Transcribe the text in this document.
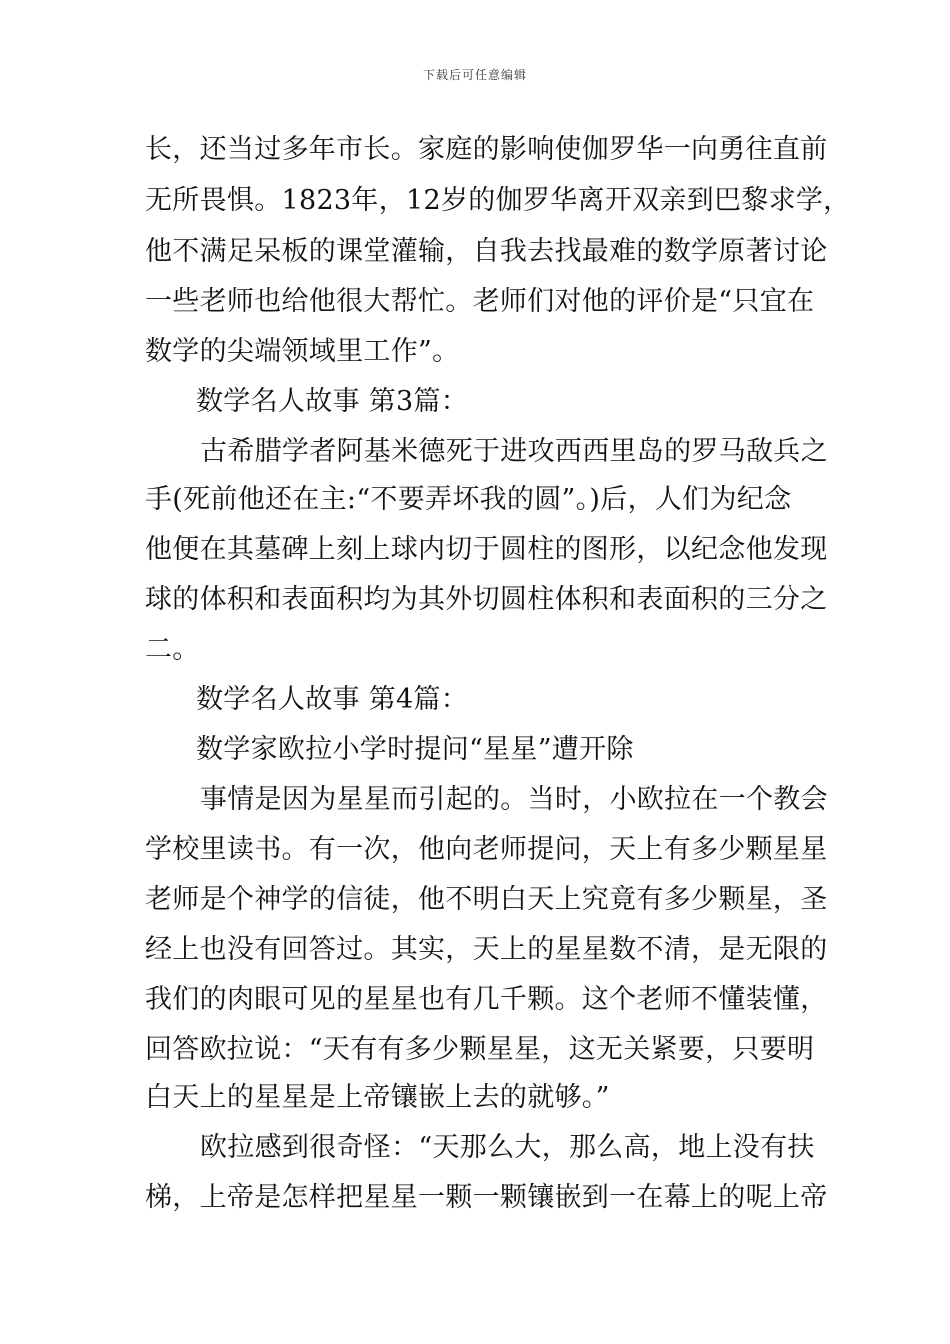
下载后可任意编辑
长，还当过多年市长。家庭的影响使伽罗华一向勇往直前
无所畏惧。1823年，12岁的伽罗华离开双亲到巴黎求学，
他不满足呆板的课堂灌输，自我去找最难的数学原著讨论
一些老师也给他很大帮忙。老师们对他的评价是“只宜在
数学的尖端领域里工作”。
数学名人故事 第3篇：
古希腊学者阿基米德死于进攻西西里岛的罗马敌兵之
手(死前他还在主:“不要弄坏我的圆”。)后，人们为纪念
他便在其墓碑上刻上球内切于圆柱的图形，以纪念他发现
球的体积和表面积均为其外切圆柱体积和表面积的三分之
二。
数学名人故事 第4篇：
数学家欧拉小学时提问“星星”遭开除
事情是因为星星而引起的。当时，小欧拉在一个教会
学校里读书。有一次，他向老师提问，天上有多少颗星星
老师是个神学的信徒，他不明白天上究竟有多少颗星，圣
经上也没有回答过。其实，天上的星星数不清，是无限的
我们的肉眼可见的星星也有几千颗。这个老师不懂装懂，
回答欧拉说：“天有有多少颗星星，这无关紧要，只要明
白天上的星星是上帝镶嵌上去的就够。”
欧拉感到很奇怪：“天那么大，那么高，地上没有扶
梯，上帝是怎样把星星一颗一颗镶嵌到一在幕上的呢上帝
